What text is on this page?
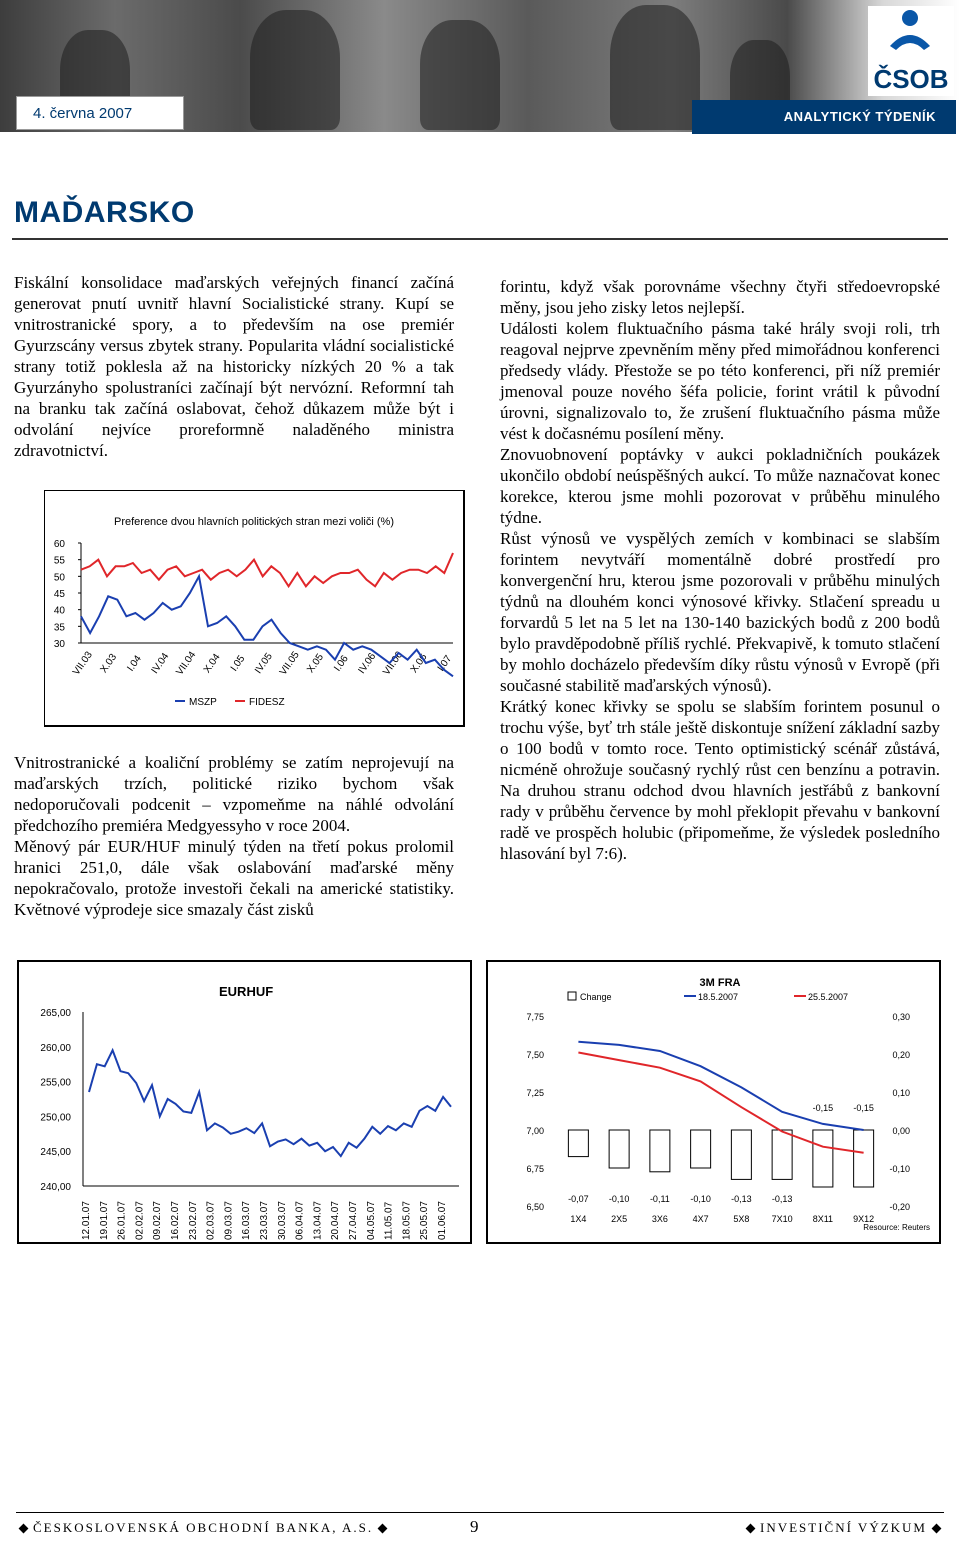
4. června 2007	ANALYTICKÝ TÝDENÍK
ČSOB
MAĎARSKO

Fiskální konsolidace maďarských veřejných financí začíná generovat pnutí uvnitř hlavní Socialistické strany. Kupí se vnitrostranické spory, a to především na ose premiér Gyurzscány versus zbytek strany. Popularita vládní socialistické strany totiž poklesla až na historicky nízkých 20 % a tak Gyurzányho spolustraníci začínají být nervózní. Reformní tah na branku tak začíná oslabovat, čehož důkazem může být i odvolání nejvíce proreformně naladěného ministra zdravotnictví.

Preference dvou hlavních politických stran mezi voliči (%)
30
35
40
45
50
55
60
VII.03 X.03 I.04 IV.04 VII.04 X.04 I.05 IV.05 VII.05 X.05 I.06 IV.06 VII.06 X.06 I.07
MSZP	FIDESZ

Vnitrostranické a koaliční problémy se zatím neprojevují na maďarských trzích, politické riziko bychom však nedoporučovali podcenit – vzpomeňme na náhlé odvolání předchozího premiéra Medgyessyho v roce 2004.

Měnový pár EUR/HUF minulý týden na třetí pokus prolomil hranici 251,0, dále však oslabování maďarské měny nepokračovalo, protože investoři čekali na americké statistiky. Květnové výprodeje sice smazaly část zisků

forintu, když však porovnáme všechny čtyři středoevropské měny, jsou jeho zisky letos nejlepší.

Události kolem fluktuačního pásma také hrály svoji roli, trh reagoval nejprve zpevněním měny před mimořádnou konferenci předsedy vlády. Přestože se po této konferenci, při níž premiér jmenoval pouze nového šéfa policie, forint vrátil k původní úrovni, signalizovalo to, že zrušení fluktuačního pásma může vést k dočasnému posílení měny.

Znovuobnovení poptávky v aukci pokladničních poukázek ukončilo období neúspěšných aukcí. To může naznačovat konec korekce, kterou jsme mohli pozorovat v průběhu minulého týdne.

Růst výnosů ve vyspělých zemích v kombinaci se slabším forintem nevytváří momentálně dobré prostředí pro konvergenční hru, kterou jsme pozorovali v průběhu minulých týdnů na dlouhém konci výnosové křivky. Stlačení spreadu u forvardů 5 let na 5 let na 130-140 bazických bodů z 200 bodů bylo pravděpodobně příliš rychlé. Překvapivě, k tomuto stlačení by mohlo docházelo především díky růstu výnosů v Evropě (při současné stabilitě maďarských výnosů).

Krátký konec křivky se spolu se slabším forintem posunul o trochu výše, byť trh stále ještě diskontuje snížení základní sazby o 100 bodů v tomto roce. Tento optimistický scénář zůstává, nicméně ohrožuje současný rychlý růst cen benzínu a potravin. Na druhou stranu odchod dvou hlavních jestřábů z bankovní rady v průběhu července by mohl překlopit převahu v bankovní radě ve prospěch holubic (připomeňme, že výsledek posledního hlasování byl 7:6).

EURHUF
240,00
245,00
250,00
255,00
260,00
265,00
12.01.07 19.01.07 26.01.07 02.02.07 09.02.07 16.02.07 23.02.07 02.03.07 09.03.07 16.03.07 23.03.07 30.03.07 06.04.07 13.04.07 20.04.07 27.04.07 04.05.07 11.05.07 18.05.07 25.05.07 01.06.07
3M FRA
6,50
6,75
7,00
7,25
7,50
7,75
-0,20
-0,10
0,00
0,10
0,20
0,30
1X4
-0,07
2X5
-0,10
3X6
-0,11
4X7
-0,10
5X8
-0,13
7X10
-0,13
8X11
-0,15
9X12
-0,15
Change	18.5.2007	25.5.2007
Resource: Reuters
ČESKOSLOVENSKÁ OBCHODNÍ BANKA, A.S.	9	INVESTIČNÍ VÝZKUM
